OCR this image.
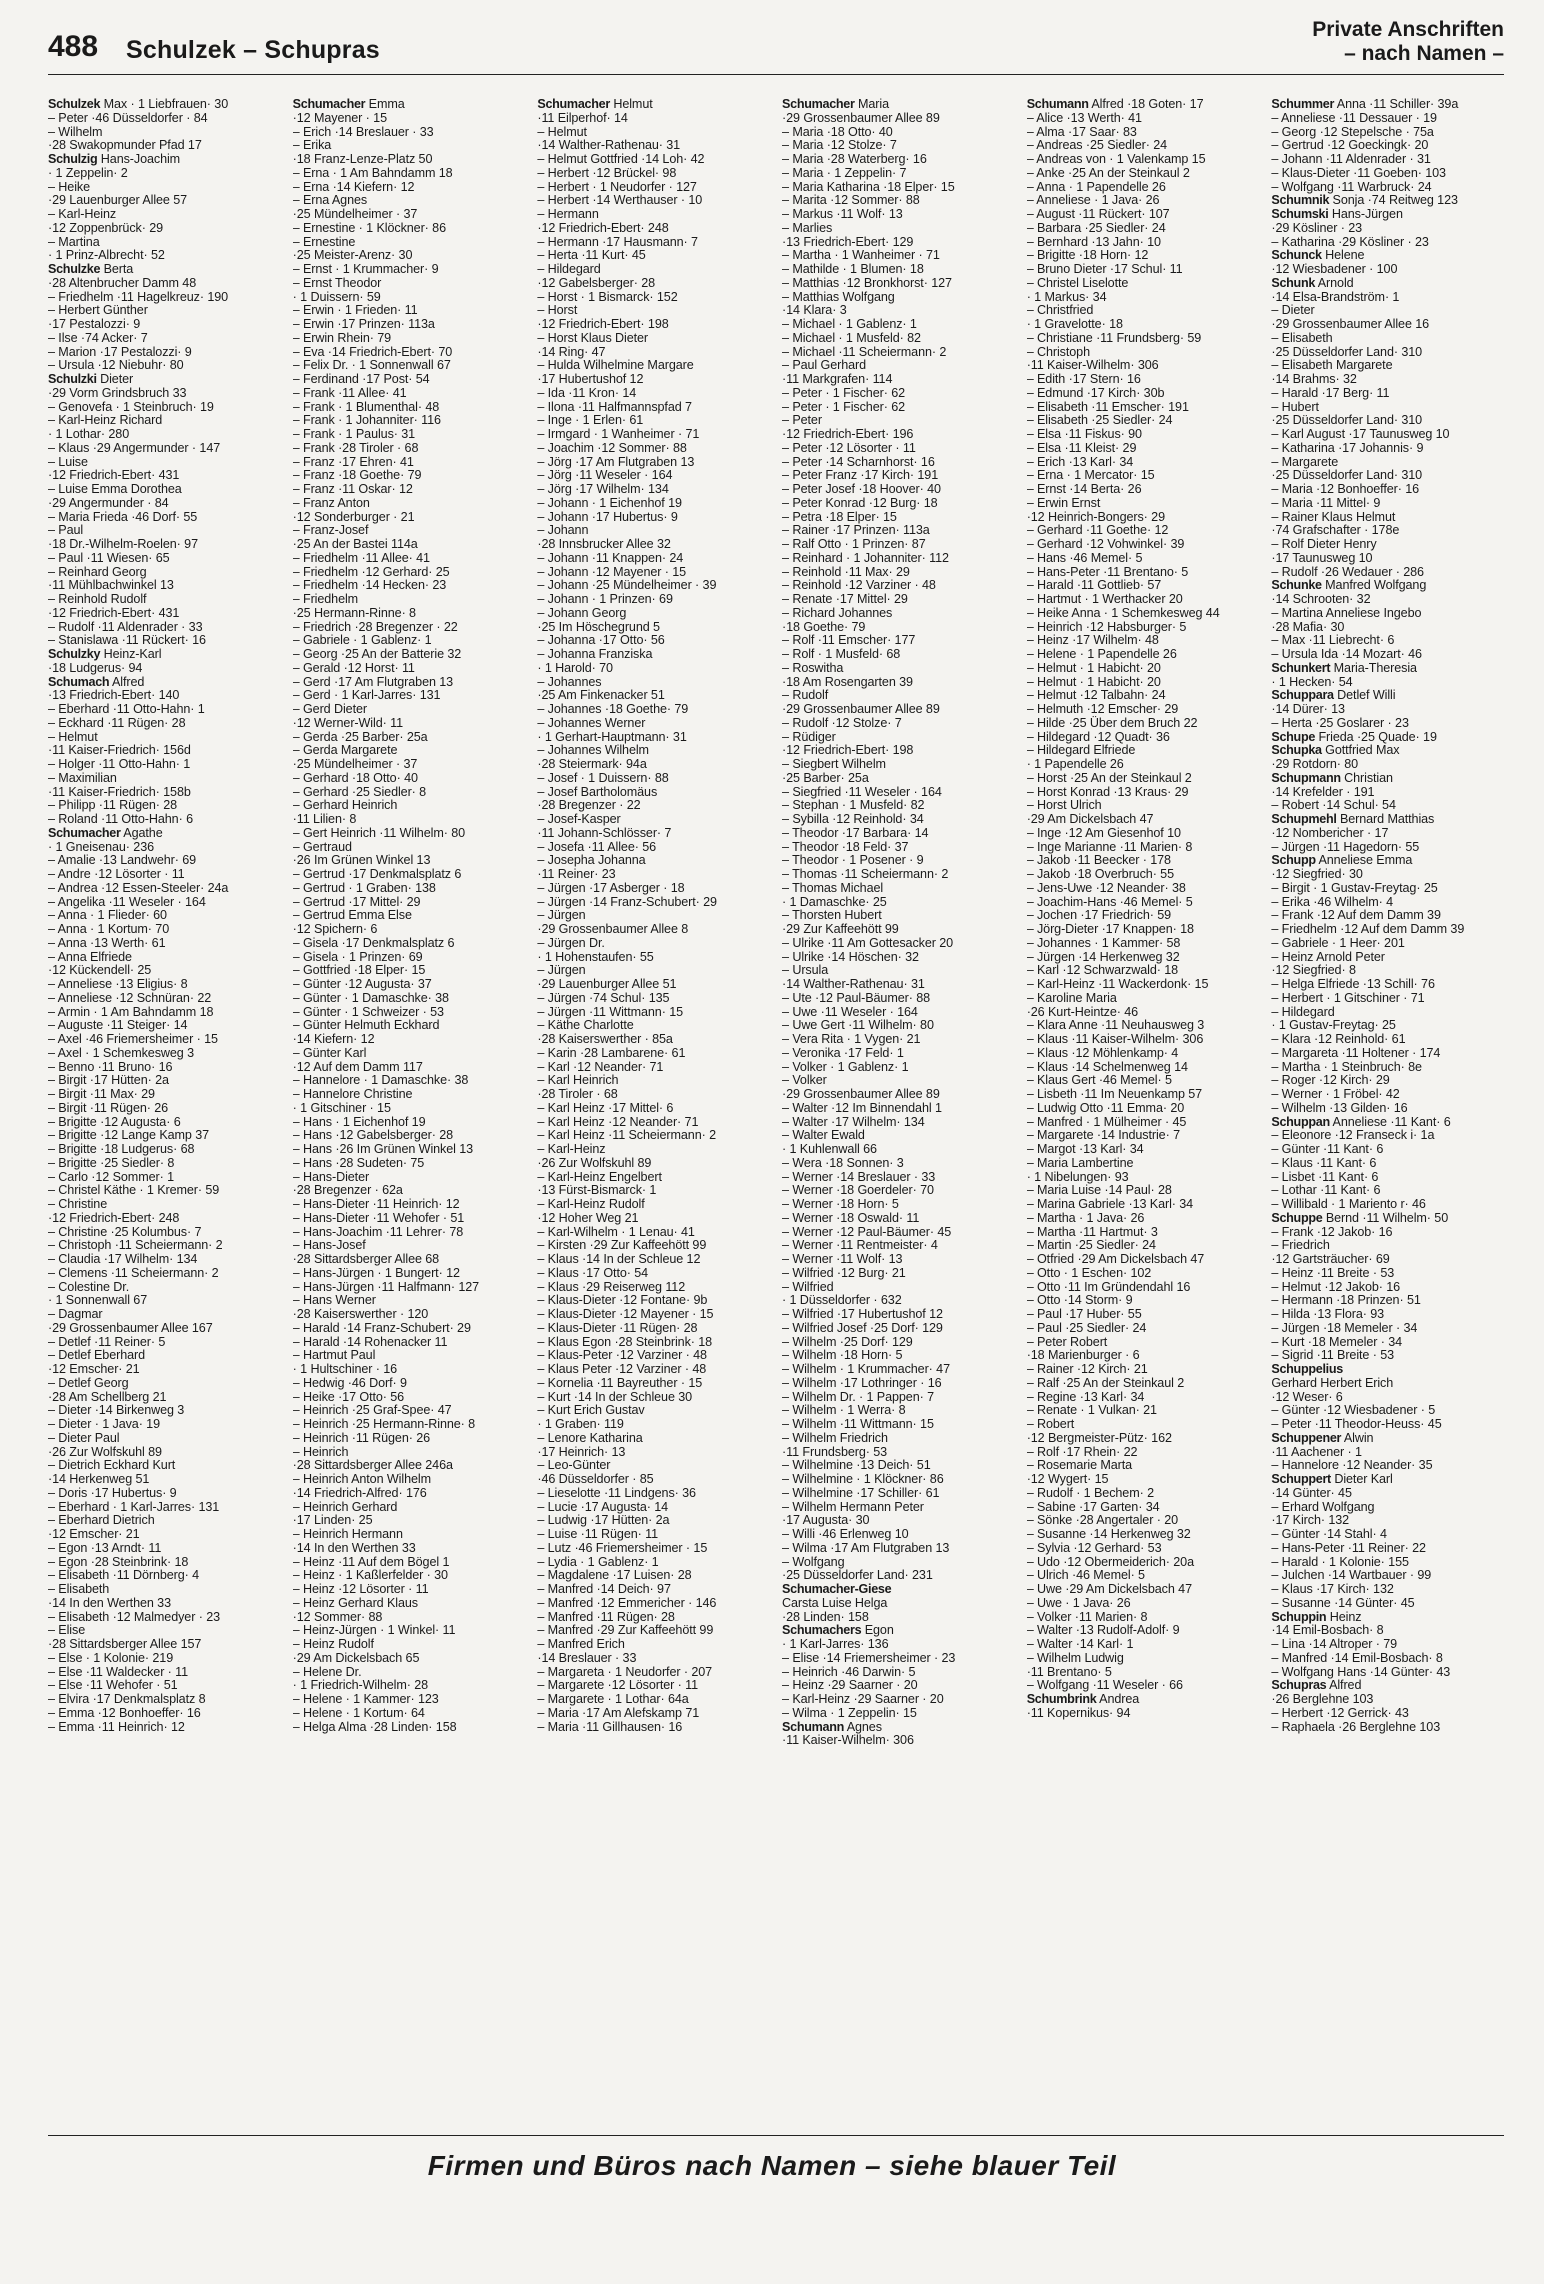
488 Schulzek – Schupras
Private Anschriften
– nach Namen –
Schulzek Max · 1 Liebfrauen· 30
– Peter ·46 Düsseldorfer · 84
– Wilhelm
·28 Swakopmunder Pfad 17
Schulzig Hans-Joachim
· 1 Zeppelin· 2
– Heike
·29 Lauenburger Allee 57
– Karl-Heinz
·12 Zoppenbrück· 29
– Martina
· 1 Prinz-Albrecht· 52
Schulzke Berta
·28 Altenbrucher Damm 48
– Friedhelm ·11 Hagelkreuz· 190
– Herbert Günther
·17 Pestalozzi· 9
– Ilse ·74 Acker· 7
– Marion ·17 Pestalozzi· 9
– Ursula ·12 Niebuhr· 80
Schulzki Dieter
·29 Vorm Grindsbruch 33
– Genovefa · 1 Steinbruch· 19
– Karl-Heinz Richard
· 1 Lothar· 280
– Klaus ·29 Angermunder · 147
– Luise
·12 Friedrich-Ebert· 431
– Luise Emma Dorothea
·29 Angermunder · 84
– Maria Frieda ·46 Dorf· 55
– Paul
·18 Dr.-Wilhelm-Roelen· 97
– Paul ·11 Wiesen· 65
– Reinhard Georg
·11 Mühlbachwinkel 13
– Reinhold Rudolf
·12 Friedrich-Ebert· 431
– Rudolf ·11 Aldenrader · 33
– Stanislawa ·11 Rückert· 16
Schulzky Heinz-Karl
·18 Ludgerus· 94
Schumach Alfred
·13 Friedrich-Ebert· 140
– Eberhard ·11 Otto-Hahn· 1
– Eckhard ·11 Rügen· 28
– Helmut
·11 Kaiser-Friedrich· 156d
– Holger ·11 Otto-Hahn· 1
– Maximilian
·11 Kaiser-Friedrich· 158b
– Philipp ·11 Rügen· 28
– Roland ·11 Otto-Hahn· 6
Schumacher Agathe
· 1 Gneisenau· 236
– Amalie ·13 Landwehr· 69
– Andre ·12 Lösorter · 11
– Andrea ·12 Essen-Steeler· 24a
– Angelika ·11 Weseler · 164
– Anna · 1 Flieder· 60
– Anna · 1 Kortum· 70
– Anna ·13 Werth· 61
– Anna Elfriede
·12 Kückendell· 25
– Anneliese ·13 Eligius· 8
– Anneliese ·12 Schnüran· 22
– Armin · 1 Am Bahndamm 18
– Auguste ·11 Steiger· 14
– Axel ·46 Friemersheimer · 15
– Axel · 1 Schemkesweg 3
– Benno ·11 Bruno· 16
– Birgit ·17 Hütten· 2a
– Birgit ·11 Max· 29
– Birgit ·11 Rügen· 26
– Brigitte ·12 Augusta· 6
– Brigitte ·12 Lange Kamp 37
– Brigitte ·18 Ludgerus· 68
– Brigitte ·25 Siedler· 8
– Carlo ·12 Sommer· 1
– Christel Käthe · 1 Kremer· 59
– Christine
·12 Friedrich-Ebert· 248
– Christine ·25 Kolumbus· 7
– Christoph ·11 Scheiermann· 2
– Claudia ·17 Wilhelm· 134
– Clemens ·11 Scheiermann· 2
– Colestine Dr.
· 1 Sonnenwall 67
– Dagmar
·29 Grossenbaumer Allee 167
– Detlef ·11 Reiner· 5
– Detlef Eberhard
·12 Emscher· 21
– Detlef Georg
·28 Am Schellberg 21
– Dieter ·14 Birkenweg 3
– Dieter · 1 Java· 19
– Dieter Paul
·26 Zur Wolfskuhl 89
– Dietrich Eckhard Kurt
·14 Herkenweg 51
– Doris ·17 Hubertus· 9
– Eberhard · 1 Karl-Jarres· 131
– Eberhard Dietrich
·12 Emscher· 21
– Egon ·13 Arndt· 11
– Egon ·28 Steinbrink· 18
– Elisabeth ·11 Dörnberg· 4
– Elisabeth
·14 In den Werthen 33
– Elisabeth ·12 Malmedyer · 23
– Elise
·28 Sittardsberger Allee 157
– Else · 1 Kolonie· 219
– Else ·11 Waldecker · 11
– Else ·11 Wehofer · 51
– Elvira ·17 Denkmalsplatz 8
– Emma ·12 Bonhoeffer· 16
– Emma ·11 Heinrich· 12
Schumacher Emma
·12 Mayener · 15
– Erich ·14 Breslauer · 33
– Erika
·18 Franz-Lenze-Platz 50
– Erna · 1 Am Bahndamm 18
– Erna ·14 Kiefern· 12
– Erna Agnes
·25 Mündelheimer · 37
– Ernestine · 1 Klöckner· 86
– Ernestine
·25 Meister-Arenz· 30
– Ernst · 1 Krummacher· 9
– Ernst Theodor
· 1 Duissern· 59
– Erwin · 1 Frieden· 11
– Erwin ·17 Prinzen· 113a
– Erwin Rhein· 79
– Eva ·14 Friedrich-Ebert· 70
– Felix Dr. · 1 Sonnenwall 67
– Ferdinand ·17 Post· 54
– Frank ·11 Allee· 41
– Frank · 1 Blumenthal· 48
– Frank · 1 Johanniter· 116
– Frank · 1 Paulus· 31
– Frank ·28 Tiroler · 68
– Franz ·17 Ehren· 41
– Franz ·18 Goethe· 79
– Franz ·11 Oskar· 12
– Franz Anton
·12 Sonderburger · 21
– Franz-Josef
·25 An der Bastei 114a
– Friedhelm ·11 Allee· 41
– Friedhelm ·12 Gerhard· 25
– Friedhelm ·14 Hecken· 23
– Friedhelm
·25 Hermann-Rinne· 8
– Friedrich ·28 Bregenzer · 22
– Gabriele · 1 Gablenz· 1
– Georg ·25 An der Batterie 32
– Gerald ·12 Horst· 11
– Gerd ·17 Am Flutgraben 13
– Gerd · 1 Karl-Jarres· 131
– Gerd Dieter
·12 Werner-Wild· 11
– Gerda ·25 Barber· 25a
– Gerda Margarete
·25 Mündelheimer · 37
– Gerhard ·18 Otto· 40
– Gerhard ·25 Siedler· 8
– Gerhard Heinrich
·11 Lilien· 8
– Gert Heinrich ·11 Wilhelm· 80
– Gertraud
·26 Im Grünen Winkel 13
– Gertrud ·17 Denkmalsplatz 6
– Gertrud · 1 Graben· 138
– Gertrud ·17 Mittel· 29
– Gertrud Emma Else
·12 Spichern· 6
– Gisela ·17 Denkmalsplatz 6
– Gisela · 1 Prinzen· 69
– Gottfried ·18 Elper· 15
– Günter ·12 Augusta· 37
– Günter · 1 Damaschke· 38
– Günter · 1 Schweizer · 53
– Günter Helmuth Eckhard
·14 Kiefern· 12
– Günter Karl
·12 Auf dem Damm 117
– Hannelore · 1 Damaschke· 38
– Hannelore Christine
· 1 Gitschiner · 15
– Hans · 1 Eichenhof 19
– Hans ·12 Gabelsberger· 28
– Hans ·26 Im Grünen Winkel 13
– Hans ·28 Sudeten· 75
– Hans-Dieter
·28 Bregenzer · 62a
– Hans-Dieter ·11 Heinrich· 12
– Hans-Dieter ·11 Wehofer · 51
– Hans-Joachim ·11 Lehrer· 78
– Hans-Josef
·28 Sittardsberger Allee 68
– Hans-Jürgen · 1 Bungert· 12
– Hans-Jürgen ·11 Halfmann· 127
– Hans Werner
·28 Kaiserswerther · 120
– Harald ·14 Franz-Schubert· 29
– Harald ·14 Rohenacker 11
– Hartmut Paul
· 1 Hultschiner · 16
– Hedwig ·46 Dorf· 9
– Heike ·17 Otto· 56
– Heinrich ·25 Graf-Spee· 47
– Heinrich ·25 Hermann-Rinne· 8
– Heinrich ·11 Rügen· 26
– Heinrich
·28 Sittardsberger Allee 246a
– Heinrich Anton Wilhelm
·14 Friedrich-Alfred· 176
– Heinrich Gerhard
·17 Linden· 25
– Heinrich Hermann
·14 In den Werthen 33
– Heinz ·11 Auf dem Bögel 1
– Heinz · 1 Kaßlerfelder · 30
– Heinz ·12 Lösorter · 11
– Heinz Gerhard Klaus
·12 Sommer· 88
– Heinz-Jürgen · 1 Winkel· 11
– Heinz Rudolf
·29 Am Dickelsbach 65
– Helene Dr.
· 1 Friedrich-Wilhelm· 28
– Helene · 1 Kammer· 123
– Helene · 1 Kortum· 64
– Helga Alma ·28 Linden· 158
Schumacher Helmut
·11 Eilperhof· 14
– Helmut
·14 Walther-Rathenau· 31
– Helmut Gottfried ·14 Loh· 42
– Herbert ·12 Brückel· 98
– Herbert · 1 Neudorfer · 127
– Herbert ·14 Werthauser · 10
– Hermann
·12 Friedrich-Ebert· 248
– Hermann ·17 Hausmann· 7
– Herta ·11 Kurt· 45
– Hildegard
·12 Gabelsberger· 28
– Horst · 1 Bismarck· 152
– Horst
·12 Friedrich-Ebert· 198
– Horst Klaus Dieter
·14 Ring· 47
– Hulda Wilhelmine Margare
·17 Hubertushof 12
– Ida ·11 Kron· 14
– Ilona ·11 Halfmannspfad 7
– Inge · 1 Erlen· 61
– Irmgard · 1 Wanheimer · 71
– Joachim ·12 Sommer· 88
– Jörg ·17 Am Flutgraben 13
– Jörg ·11 Weseler · 164
– Jörg ·17 Wilhelm· 134
– Johann · 1 Eichenhof 19
– Johann ·17 Hubertus· 9
– Johann
·28 Innsbrucker Allee 32
– Johann ·11 Knappen· 24
– Johann ·12 Mayener · 15
– Johann ·25 Mündelheimer · 39
– Johann · 1 Prinzen· 69
– Johann Georg
·25 Im Höschegrund 5
– Johanna ·17 Otto· 56
– Johanna Franziska
· 1 Harold· 70
– Johannes
·25 Am Finkenacker 51
– Johannes ·18 Goethe· 79
– Johannes Werner
· 1 Gerhart-Hauptmann· 31
– Johannes Wilhelm
·28 Steiermark· 94a
– Josef · 1 Duissern· 88
– Josef Bartholomäus
·28 Bregenzer · 22
– Josef-Kasper
·11 Johann-Schlösser· 7
– Josefa ·11 Allee· 56
– Josepha Johanna
·11 Reiner· 23
– Jürgen ·17 Asberger · 18
– Jürgen ·14 Franz-Schubert· 29
– Jürgen
·29 Grossenbaumer Allee 8
– Jürgen Dr.
· 1 Hohenstaufen· 55
– Jürgen
·29 Lauenburger Allee 51
– Jürgen ·74 Schul· 135
– Jürgen ·11 Wittmann· 15
– Käthe Charlotte
·28 Kaiserswerther · 85a
– Karin ·28 Lambarene· 61
– Karl ·12 Neander· 71
– Karl Heinrich
·28 Tiroler · 68
– Karl Heinz ·17 Mittel· 6
– Karl Heinz ·12 Neander· 71
– Karl Heinz ·11 Scheiermann· 2
– Karl-Heinz
·26 Zur Wolfskuhl 89
– Karl-Heinz Engelbert
·13 Fürst-Bismarck· 1
– Karl-Heinz Rudolf
·12 Hoher Weg 21
– Karl-Wilhelm · 1 Lenau· 41
– Kirsten ·29 Zur Kaffeehött 99
– Klaus ·14 In der Schleue 12
– Klaus ·17 Otto· 54
– Klaus ·29 Reiserweg 112
– Klaus-Dieter ·12 Fontane· 9b
– Klaus-Dieter ·12 Mayener · 15
– Klaus-Dieter ·11 Rügen· 28
– Klaus Egon ·28 Steinbrink· 18
– Klaus-Peter ·12 Varziner · 48
– Klaus Peter ·12 Varziner · 48
– Kornelia ·11 Bayreuther · 15
– Kurt ·14 In der Schleue 30
– Kurt Erich Gustav
· 1 Graben· 119
– Lenore Katharina
·17 Heinrich· 13
– Leo-Günter
·46 Düsseldorfer · 85
– Lieselotte ·11 Lindgens· 36
– Lucie ·17 Augusta· 14
– Ludwig ·17 Hütten· 2a
– Luise ·11 Rügen· 11
– Lutz ·46 Friemersheimer · 15
– Lydia · 1 Gablenz· 1
– Magdalene ·17 Luisen· 28
– Manfred ·14 Deich· 97
– Manfred ·12 Emmericher · 146
– Manfred ·11 Rügen· 28
– Manfred ·29 Zur Kaffeehött 99
– Manfred Erich
·14 Breslauer · 33
– Margareta · 1 Neudorfer · 207
– Margarete ·12 Lösorter · 11
– Margarete · 1 Lothar· 64a
– Maria ·17 Am Alefskamp 71
– Maria ·11 Gillhausen· 16
Schumacher Maria
·29 Grossenbaumer Allee 89
– Maria ·18 Otto· 40
– Maria ·12 Stolze· 7
– Maria ·28 Waterberg· 16
– Maria · 1 Zeppelin· 7
– Maria Katharina ·18 Elper· 15
– Marita ·12 Sommer· 88
– Markus ·11 Wolf· 13
– Marlies
·13 Friedrich-Ebert· 129
– Martha · 1 Wanheimer · 71
– Mathilde · 1 Blumen· 18
– Matthias ·12 Bronkhorst· 127
– Matthias Wolfgang
·14 Klara· 3
– Michael · 1 Gablenz· 1
– Michael · 1 Musfeld· 82
– Michael ·11 Scheiermann· 2
– Paul Gerhard
·11 Markgrafen· 114
– Peter · 1 Fischer· 62
– Peter · 1 Fischer· 62
– Peter
·12 Friedrich-Ebert· 196
– Peter ·12 Lösorter · 11
– Peter ·14 Scharnhorst· 16
– Peter Franz ·17 Kirch· 191
– Peter Josef ·18 Hoover· 40
– Peter Konrad ·12 Burg· 18
– Petra ·18 Elper· 15
– Rainer ·17 Prinzen· 113a
– Ralf Otto · 1 Prinzen· 87
– Reinhard · 1 Johanniter· 112
– Reinhold ·11 Max· 29
– Reinhold ·12 Varziner · 48
– Renate ·17 Mittel· 29
– Richard Johannes
·18 Goethe· 79
– Rolf ·11 Emscher· 177
– Rolf · 1 Musfeld· 68
– Roswitha
·18 Am Rosengarten 39
– Rudolf
·29 Grossenbaumer Allee 89
– Rudolf ·12 Stolze· 7
– Rüdiger
·12 Friedrich-Ebert· 198
– Siegbert Wilhelm
·25 Barber· 25a
– Siegfried ·11 Weseler · 164
– Stephan · 1 Musfeld· 82
– Sybilla ·12 Reinhold· 34
– Theodor ·17 Barbara· 14
– Theodor ·18 Feld· 37
– Theodor · 1 Posener · 9
– Thomas ·11 Scheiermann· 2
– Thomas Michael
· 1 Damaschke· 25
– Thorsten Hubert
·29 Zur Kaffeehött 99
– Ulrike ·11 Am Gottesacker 20
– Ulrike ·14 Höschen· 32
– Ursula
·14 Walther-Rathenau· 31
– Ute ·12 Paul-Bäumer· 88
– Uwe ·11 Weseler · 164
– Uwe Gert ·11 Wilhelm· 80
– Vera Rita · 1 Vygen· 21
– Veronika ·17 Feld· 1
– Volker · 1 Gablenz· 1
– Volker
·29 Grossenbaumer Allee 89
– Walter ·12 Im Binnendahl 1
– Walter ·17 Wilhelm· 134
– Walter Ewald
· 1 Kuhlenwall 66
– Wera ·18 Sonnen· 3
– Werner ·14 Breslauer · 33
– Werner ·18 Goerdeler· 70
– Werner ·18 Horn· 5
– Werner ·18 Oswald· 11
– Werner ·12 Paul-Bäumer· 45
– Werner ·11 Rentmeister· 4
– Werner ·11 Wolf· 13
– Wilfried ·12 Burg· 21
– Wilfried
· 1 Düsseldorfer · 632
– Wilfried ·17 Hubertushof 12
– Wilfried Josef ·25 Dorf· 129
– Wilhelm ·25 Dorf· 129
– Wilhelm ·18 Horn· 5
– Wilhelm · 1 Krummacher· 47
– Wilhelm ·17 Lothringer · 16
– Wilhelm Dr. · 1 Pappen· 7
– Wilhelm · 1 Werra· 8
– Wilhelm ·11 Wittmann· 15
– Wilhelm Friedrich
·11 Frundsberg· 53
– Wilhelmine ·13 Deich· 51
– Wilhelmine · 1 Klöckner· 86
– Wilhelmine ·17 Schiller· 61
– Wilhelm Hermann Peter
·17 Augusta· 30
– Willi ·46 Erlenweg 10
– Wilma ·17 Am Flutgraben 13
– Wolfgang
·25 Düsseldorfer Land· 231
Schumacher-Giese
Carsta Luise Helga
·28 Linden· 158
Schumachers Egon
· 1 Karl-Jarres· 136
– Elise ·14 Friemersheimer · 23
– Heinrich ·46 Darwin· 5
– Heinz ·29 Saarner · 20
– Karl-Heinz ·29 Saarner · 20
– Wilma · 1 Zeppelin· 15
Schumann Agnes
·11 Kaiser-Wilhelm· 306
Schumann Alfred ·18 Goten· 17
– Alice ·13 Werth· 41
– Alma ·17 Saar· 83
– Andreas ·25 Siedler· 24
– Andreas von · 1 Valenkamp 15
– Anke ·25 An der Steinkaul 2
– Anna · 1 Papendelle 26
– Anneliese · 1 Java· 26
– August ·11 Rückert· 107
– Barbara ·25 Siedler· 24
– Bernhard ·13 Jahn· 10
– Brigitte ·18 Horn· 12
– Bruno Dieter ·17 Schul· 11
– Christel Liselotte
· 1 Markus· 34
– Christfried
· 1 Gravelotte· 18
– Christiane ·11 Frundsberg· 59
– Christoph
·11 Kaiser-Wilhelm· 306
– Edith ·17 Stern· 16
– Edmund ·17 Kirch· 30b
– Elisabeth ·11 Emscher· 191
– Elisabeth ·25 Siedler· 24
– Elsa ·11 Fiskus· 90
– Elsa ·11 Kleist· 29
– Erich ·13 Karl· 34
– Erna · 1 Mercator· 15
– Ernst ·14 Berta· 26
– Erwin Ernst
·12 Heinrich-Bongers· 29
– Gerhard ·11 Goethe· 12
– Gerhard ·12 Vohwinkel· 39
– Hans ·46 Memel· 5
– Hans-Peter ·11 Brentano· 5
– Harald ·11 Gottlieb· 57
– Hartmut · 1 Werthacker 20
– Heike Anna · 1 Schemkesweg 44
– Heinrich ·12 Habsburger· 5
– Heinz ·17 Wilhelm· 48
– Helene · 1 Papendelle 26
– Helmut · 1 Habicht· 20
– Helmut · 1 Habicht· 20
– Helmut ·12 Talbahn· 24
– Helmuth ·12 Emscher· 29
– Hilde ·25 Über dem Bruch 22
– Hildegard ·12 Quadt· 36
– Hildegard Elfriede
· 1 Papendelle 26
– Horst ·25 An der Steinkaul 2
– Horst Konrad ·13 Kraus· 29
– Horst Ulrich
·29 Am Dickelsbach 47
– Inge ·12 Am Giesenhof 10
– Inge Marianne ·11 Marien· 8
– Jakob ·11 Beecker · 178
– Jakob ·18 Overbruch· 55
– Jens-Uwe ·12 Neander· 38
– Joachim-Hans ·46 Memel· 5
– Jochen ·17 Friedrich· 59
– Jörg-Dieter ·17 Knappen· 18
– Johannes · 1 Kammer· 58
– Jürgen ·14 Herkenweg 32
– Karl ·12 Schwarzwald· 18
– Karl-Heinz ·11 Wackerdonk· 15
– Karoline Maria
·26 Kurt-Heintze· 46
– Klara Anne ·11 Neuhausweg 3
– Klaus ·11 Kaiser-Wilhelm· 306
– Klaus ·12 Möhlenkamp· 4
– Klaus ·14 Schelmenweg 14
– Klaus Gert ·46 Memel· 5
– Lisbeth ·11 Im Neuenkamp 57
– Ludwig Otto ·11 Emma· 20
– Manfred · 1 Mülheimer · 45
– Margarete ·14 Industrie· 7
– Margot ·13 Karl· 34
– Maria Lambertine
· 1 Nibelungen· 93
– Maria Luise ·14 Paul· 28
– Marina Gabriele ·13 Karl· 34
– Martha · 1 Java· 26
– Martha ·11 Hartmut· 3
– Martin ·25 Siedler· 24
– Otfried ·29 Am Dickelsbach 47
– Otto · 1 Eschen· 102
– Otto ·11 Im Gründendahl 16
– Otto ·14 Storm· 9
– Paul ·17 Huber· 55
– Paul ·25 Siedler· 24
– Peter Robert
·18 Marienburger · 6
– Rainer ·12 Kirch· 21
– Ralf ·25 An der Steinkaul 2
– Regine ·13 Karl· 34
– Renate · 1 Vulkan· 21
– Robert
·12 Bergmeister-Pütz· 162
– Rolf ·17 Rhein· 22
– Rosemarie Marta
·12 Wygert· 15
– Rudolf · 1 Bechem· 2
– Sabine ·17 Garten· 34
– Sönke ·28 Angertaler · 20
– Susanne ·14 Herkenweg 32
– Sylvia ·12 Gerhard· 53
– Udo ·12 Obermeiderich· 20a
– Ulrich ·46 Memel· 5
– Uwe ·29 Am Dickelsbach 47
– Uwe · 1 Java· 26
– Volker ·11 Marien· 8
– Walter ·13 Rudolf-Adolf· 9
– Walter ·14 Karl· 1
– Wilhelm Ludwig
·11 Brentano· 5
– Wolfgang ·11 Weseler · 66
Schumbrink Andrea
·11 Kopernikus· 94
Schummer Anna ·11 Schiller· 39a
– Anneliese ·11 Dessauer · 19
– Georg ·12 Stepelsche · 75a
– Gertrud ·12 Goeckingk· 20
– Johann ·11 Aldenrader · 31
– Klaus-Dieter ·11 Goeben· 103
– Wolfgang ·11 Warbruck· 24
Schumnik Sonja ·74 Reitweg 123
Schumski Hans-Jürgen
·29 Kösliner · 23
– Katharina ·29 Kösliner · 23
Schunck Helene
·12 Wiesbadener · 100
Schunk Arnold
·14 Elsa-Brandström· 1
– Dieter
·29 Grossenbaumer Allee 16
– Elisabeth
·25 Düsseldorfer Land· 310
– Elisabeth Margarete
·14 Brahms· 32
– Harald ·17 Berg· 11
– Hubert
·25 Düsseldorfer Land· 310
– Karl August ·17 Taunusweg 10
– Katharina ·17 Johannis· 9
– Margarete
·25 Düsseldorfer Land· 310
– Maria ·12 Bonhoeffer· 16
– Maria ·11 Mittel· 9
– Rainer Klaus Helmut
·74 Grafschafter · 178e
– Rolf Dieter Henry
·17 Taunusweg 10
– Rudolf ·26 Wedauer · 286
Schunke Manfred Wolfgang
·14 Schrooten· 32
– Martina Anneliese Ingebo
·28 Mafia· 30
– Max ·11 Liebrecht· 6
– Ursula Ida ·14 Mozart· 46
Schunkert Maria-Theresia
· 1 Hecken· 54
Schuppara Detlef Willi
·14 Dürer· 13
– Herta ·25 Goslarer · 23
Schupe Frieda ·25 Quade· 19
Schupka Gottfried Max
·29 Rotdorn· 80
Schupmann Christian
·14 Krefelder · 191
– Robert ·14 Schul· 54
Schupmehl Bernard Matthias
·12 Nombericher · 17
– Jürgen ·11 Hagedorn· 55
Schupp Anneliese Emma
·12 Siegfried· 30
– Birgit · 1 Gustav-Freytag· 25
– Erika ·46 Wilhelm· 4
– Frank ·12 Auf dem Damm 39
– Friedhelm ·12 Auf dem Damm 39
– Gabriele · 1 Heer· 201
– Heinz Arnold Peter
·12 Siegfried· 8
– Helga Elfriede ·13 Schill· 76
– Herbert · 1 Gitschiner · 71
– Hildegard
· 1 Gustav-Freytag· 25
– Klara ·12 Reinhold· 61
– Margareta ·11 Holtener · 174
– Martha · 1 Steinbruch· 8e
– Roger ·12 Kirch· 29
– Werner · 1 Fröbel· 42
– Wilhelm ·13 Gilden· 16
Schuppan Anneliese ·11 Kant· 6
– Eleonore ·12 Franseck i· 1a
– Günter ·11 Kant· 6
– Klaus ·11 Kant· 6
– Lisbet ·11 Kant· 6
– Lothar ·11 Kant· 6
– Willibald · 1 Mariento r· 46
Schuppe Bernd ·11 Wilhelm· 50
– Frank ·12 Jakob· 16
– Friedrich
·12 Gartsträucher· 69
– Heinz ·11 Breite · 53
– Helmut ·12 Jakob· 16
– Hermann ·18 Prinzen· 51
– Hilda ·13 Flora· 93
– Jürgen ·18 Memeler · 34
– Kurt ·18 Memeler · 34
– Sigrid ·11 Breite · 53
Schuppelius
Gerhard Herbert Erich
·12 Weser· 6
– Günter ·12 Wiesbadener · 5
– Peter ·11 Theodor-Heuss· 45
Schuppener Alwin
·11 Aachener · 1
– Hannelore ·12 Neander· 35
Schuppert Dieter Karl
·14 Günter· 45
– Erhard Wolfgang
·17 Kirch· 132
– Günter ·14 Stahl· 4
– Hans-Peter ·11 Reiner· 22
– Harald · 1 Kolonie· 155
– Julchen ·14 Wartbauer · 99
– Klaus ·17 Kirch· 132
– Susanne ·14 Günter· 45
Schuppin Heinz
·14 Emil-Bosbach· 8
– Lina ·14 Altroper · 79
– Manfred ·14 Emil-Bosbach· 8
– Wolfgang Hans ·14 Günter· 43
Schupras Alfred
·26 Berglehne 103
– Herbert ·12 Gerrick· 43
– Raphaela ·26 Berglehne 103
Firmen und Büros nach Namen – siehe blauer Teil
